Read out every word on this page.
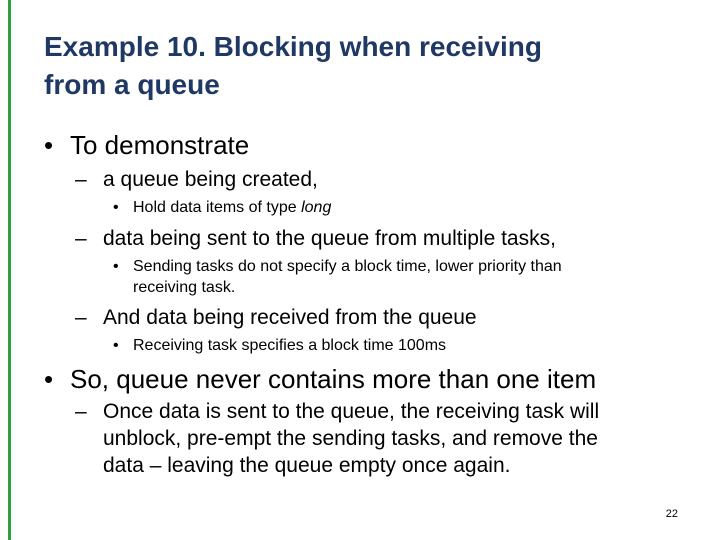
Example 10. Blocking when receiving
from a queue
• To demonstrate
– a queue being created,
• Hold data items of type long
– data being sent to the queue from multiple tasks,
• Sending tasks do not specify a block time, lower priority than
receiving task.
– And data being received from the queue
• Receiving task specifies a block time 100ms
• So, queue never contains more than one item
– Once data is sent to the queue, the receiving task will
unblock, pre-empt the sending tasks, and remove the
data – leaving the queue empty once again.
22
